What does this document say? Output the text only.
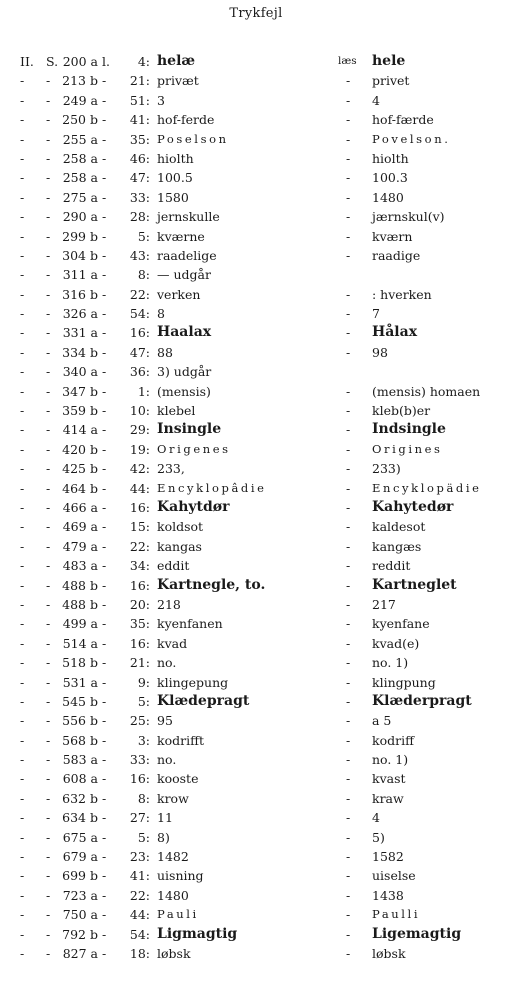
Trykfejl
II. S. 200 a l.	4: helæ	læs hele
-	- 213 b -	21: privæt	- privet
-	- 249 a -	51: 3	- 4
-	- 250 b -	41: hof-ferde	- hof-færde
-	- 255 a -	35: Poselson	- Povelson.
-	- 258 a -	46: hiolth	- hiolth
-	- 258 a -	47: 100.5	- 100.3
-	- 275 a -	33: 1580	- 1480
-	- 290 a -	28: jernskulle	- jærnskul(v)
-	- 299 b -	5: kværne	- kværn
-	- 304 b -	43: raadelige	- raadige
-	- 311 a -	8: — udgår
-	- 316 b -	22: verken	- : hverken
-	- 326 a -	54: 8	- 7
-	- 331 a -	16: Haalax	- Hålax
-	- 334 b -	47: 88	- 98
-	- 340 a -	36: 3) udgår
-	- 347 b -	1: (mensis)	- (mensis) homaen
-	- 359 b -	10: klebel	- kleb(b)er
-	- 414 a -	29: Insingle	- Indsingle
-	- 420 b -	19: Origenes	- Origines
-	- 425 b -	42: 233,	- 233)
-	- 464 b -	44: Encyklopâdie	- Encyklopädie
-	- 466 a -	16: Kahytdør	- Kahytedør
-	- 469 a -	15: koldsot	- kaldesot
-	- 479 a -	22: kangas	- kangæs
-	- 483 a -	34: eddit	- reddit
-	- 488 b -	16: Kartnegle, to.	- Kartneglet
-	- 488 b -	20: 218	- 217
-	- 499 a -	35: kyenfanen	- kyenfane
-	- 514 a -	16: kvad	- kvad(e)
-	- 518 b -	21: no.	- no. 1)
-	- 531 a -	9: klingepung	- klingpung
-	- 545 b -	5: Klædepragt	- Klæderpragt
-	- 556 b -	25: 95	- a 5
-	- 568 b -	3: kodrifft	- kodriff
-	- 583 a -	33: no.	- no. 1)
-	- 608 a -	16: kooste	- kvast
-	- 632 b -	8: krow	- kraw
-	- 634 b -	27: 11	- 4
-	- 675 a -	5: 8)	- 5)
-	- 679 a -	23: 1482	- 1582
-	- 699 b -	41: uisning	- uiselse
-	- 723 a -	22: 1480	- 1438
-	- 750 a -	44: Pauli	- Paulli
-	- 792 b -	54: Ligmagtig	- Ligemagtig
-	- 827 a -	18: løbsk	- løbsk
